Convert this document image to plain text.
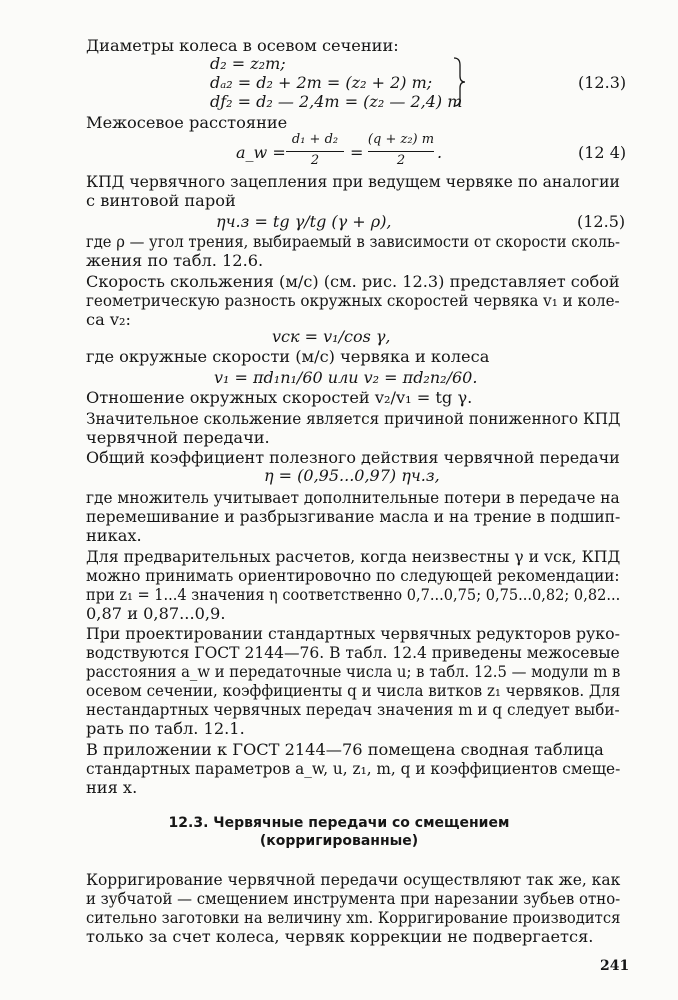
Диаметры колеса в осевом сечении:
d₂ = z₂m;
dₐ₂ = d₂ + 2m = (z₂ + 2) m;
dƒ₂ = d₂ — 2,4m = (z₂ — 2,4) m
(12.3)
Межосевое расстояние
a_w =
d₁ + d₂
2	=
(q + z₂) m
2	.	(12 4)
КПД червячного зацепления при ведущем червяке по аналогии
с винтовой парой
ηч.з = tg γ/tg (γ + ρ),	(12.5)
где ρ — угол трения, выбираемый в зависимости от скорости сколь-
жения по табл. 12.6.
Скорость скольжения (м/с) (см. рис. 12.3) представляет собой
геометрическую разность окружных скоростей червяка v₁ и коле-
са v₂:
vск = v₁/cos γ,
где окружные скорости (м/с) червяка и колеса
v₁ = πd₁n₁/60 или v₂ = πd₂n₂/60.
Отношение окружных скоростей v₂/v₁ = tg γ.
Значительное скольжение является причиной пониженного КПД
червячной передачи.
Общий коэффициент полезного действия червячной передачи
η = (0,95...0,97) ηч.з,
где множитель учитывает дополнительные потери в передаче на
перемешивание и разбрызгивание масла и на трение в подшип-
никах.
Для предварительных расчетов, когда неизвестны γ и vск, КПД
можно принимать ориентировочно по следующей рекомендации:
при z₁ = 1...4 значения η соответственно 0,7...0,75; 0,75...0,82; 0,82...
0,87 и 0,87...0,9.
При проектировании стандартных червячных редукторов руко-
водствуются ГОСТ 2144—76. В табл. 12.4 приведены межосевые
расстояния a_w и передаточные числа u; в табл. 12.5 — модули m в
осевом сечении, коэффициенты q и числа витков z₁ червяков. Для
нестандартных червячных передач значения m и q следует выби-
рать по табл. 12.1.
В приложении к ГОСТ 2144—76 помещена сводная таблица
стандартных параметров a_w, u, z₁, m, q и коэффициентов смеще-
ния x.
12.3. Червячные передачи со смещением
(корригированные)
Корригирование червячной передачи осуществляют так же, как
и зубчатой — смещением инструмента при нарезании зубьев отно-
сительно заготовки на величину xm. Корригирование производится
только за счет колеса, червяк коррекции не подвергается.
241
